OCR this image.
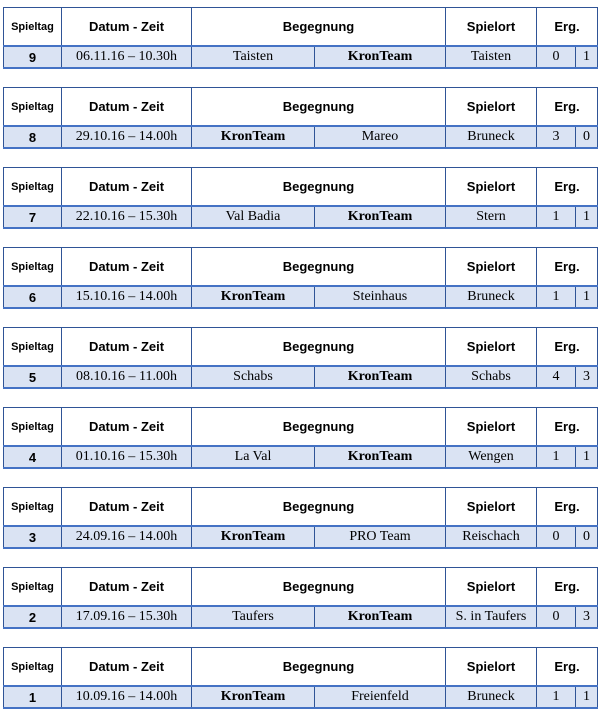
Spieltag	Datum - Zeit	Begegnung		Spielort	Erg.	
9	06.11.16 – 10.30h	Taisten	KronTeam	Taisten	0	1
Spieltag	Datum - Zeit	Begegnung		Spielort	Erg.	
8	29.10.16 – 14.00h	KronTeam	Mareo	Bruneck	3	0
Spieltag	Datum - Zeit	Begegnung		Spielort	Erg.	
7	22.10.16 – 15.30h	Val Badia	KronTeam	Stern	1	1
Spieltag	Datum - Zeit	Begegnung		Spielort	Erg.	
6	15.10.16 – 14.00h	KronTeam	Steinhaus	Bruneck	1	1
Spieltag	Datum - Zeit	Begegnung		Spielort	Erg.	
5	08.10.16 – 11.00h	Schabs	KronTeam	Schabs	4	3
Spieltag	Datum - Zeit	Begegnung		Spielort	Erg.	
4	01.10.16 – 15.30h	La Val	KronTeam	Wengen	1	1
Spieltag	Datum - Zeit	Begegnung		Spielort	Erg.	
3	24.09.16 – 14.00h	KronTeam	PRO Team	Reischach	0	0
Spieltag	Datum - Zeit	Begegnung		Spielort	Erg.	
2	17.09.16 – 15.30h	Taufers	KronTeam	S. in Taufers	0	3
Spieltag	Datum - Zeit	Begegnung		Spielort	Erg.	
1	10.09.16 – 14.00h	KronTeam	Freienfeld	Bruneck	1	1
